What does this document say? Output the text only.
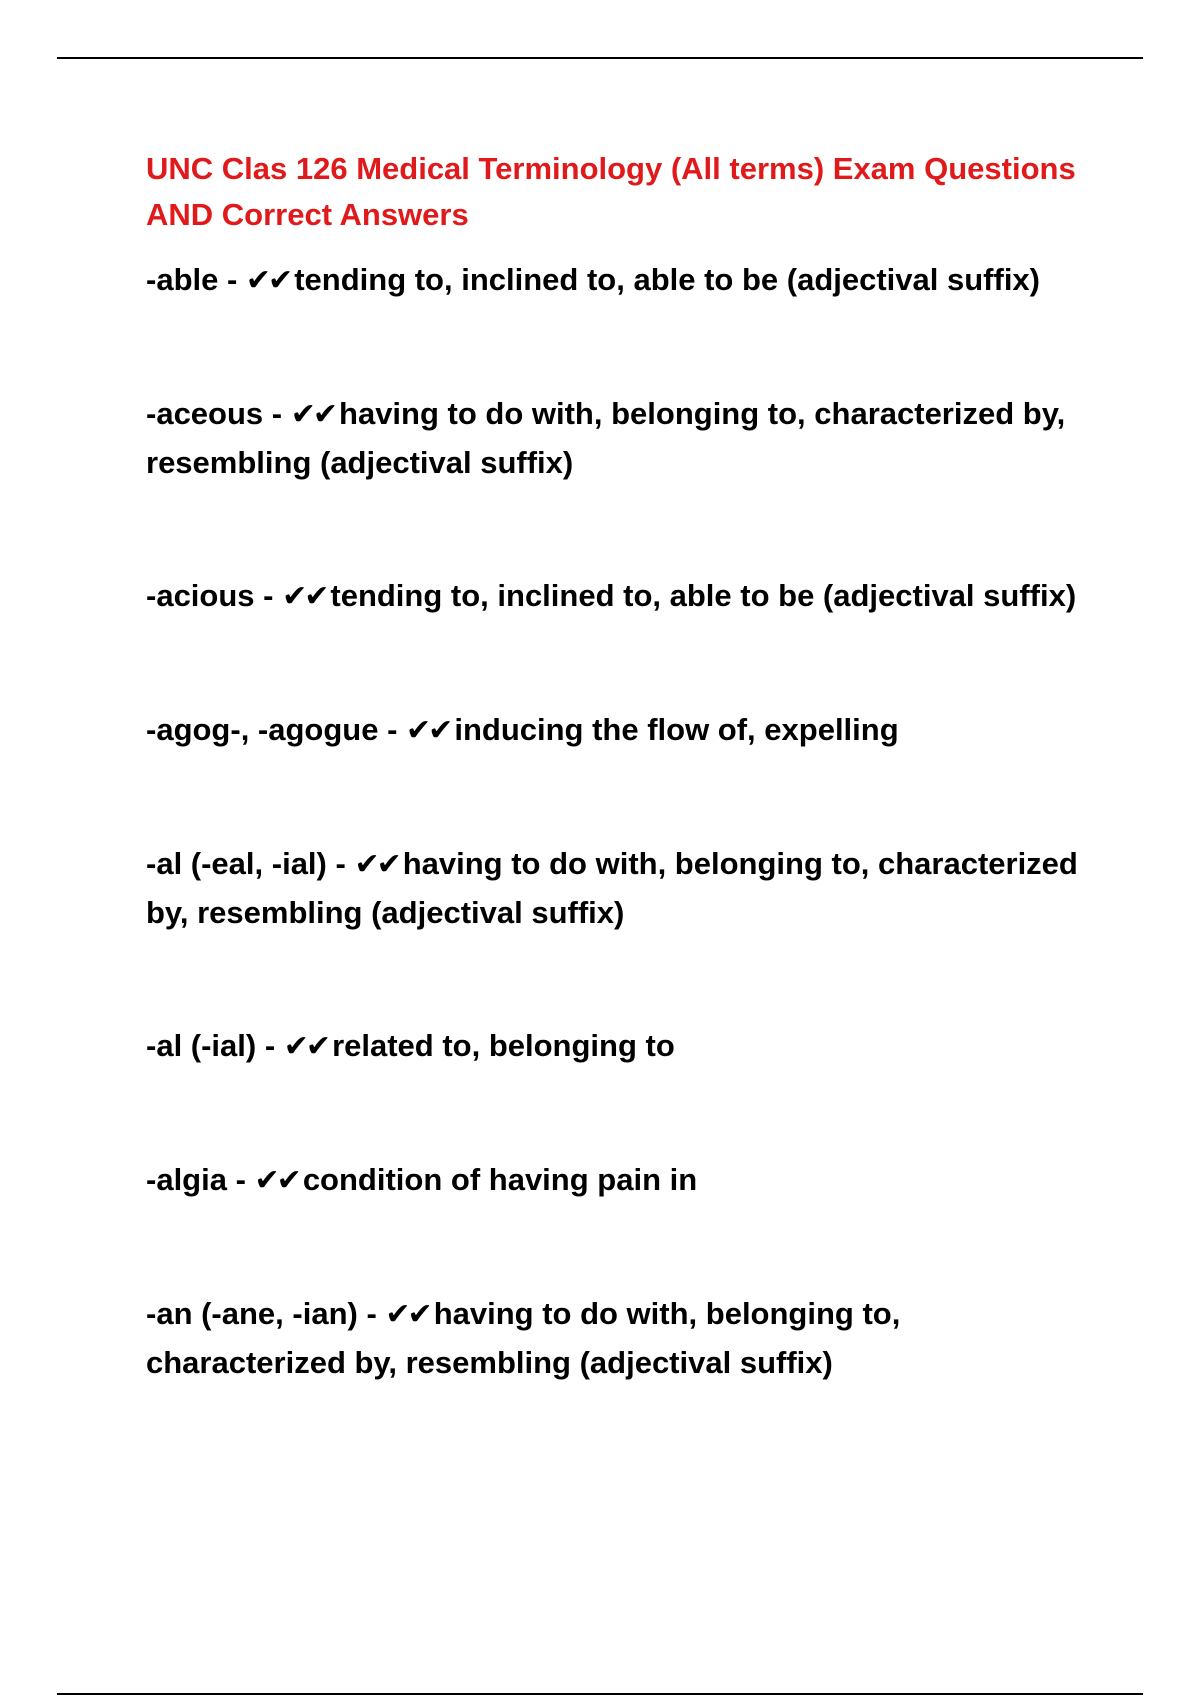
UNC Clas 126 Medical Terminology (All terms) Exam Questions AND Correct Answers
-able - ✔✔ tending to, inclined to, able to be (adjectival suffix)
-aceous - ✔✔ having to do with, belonging to, characterized by, resembling (adjectival suffix)
-acious - ✔✔ tending to, inclined to, able to be (adjectival suffix)
-agog-, -agogue - ✔✔ inducing the flow of, expelling
-al (-eal, -ial) - ✔✔ having to do with, belonging to, characterized by, resembling (adjectival suffix)
-al (-ial) - ✔✔ related to, belonging to
-algia - ✔✔ condition of having pain in
-an (-ane, -ian) - ✔✔ having to do with, belonging to, characterized by, resembling (adjectival suffix)
